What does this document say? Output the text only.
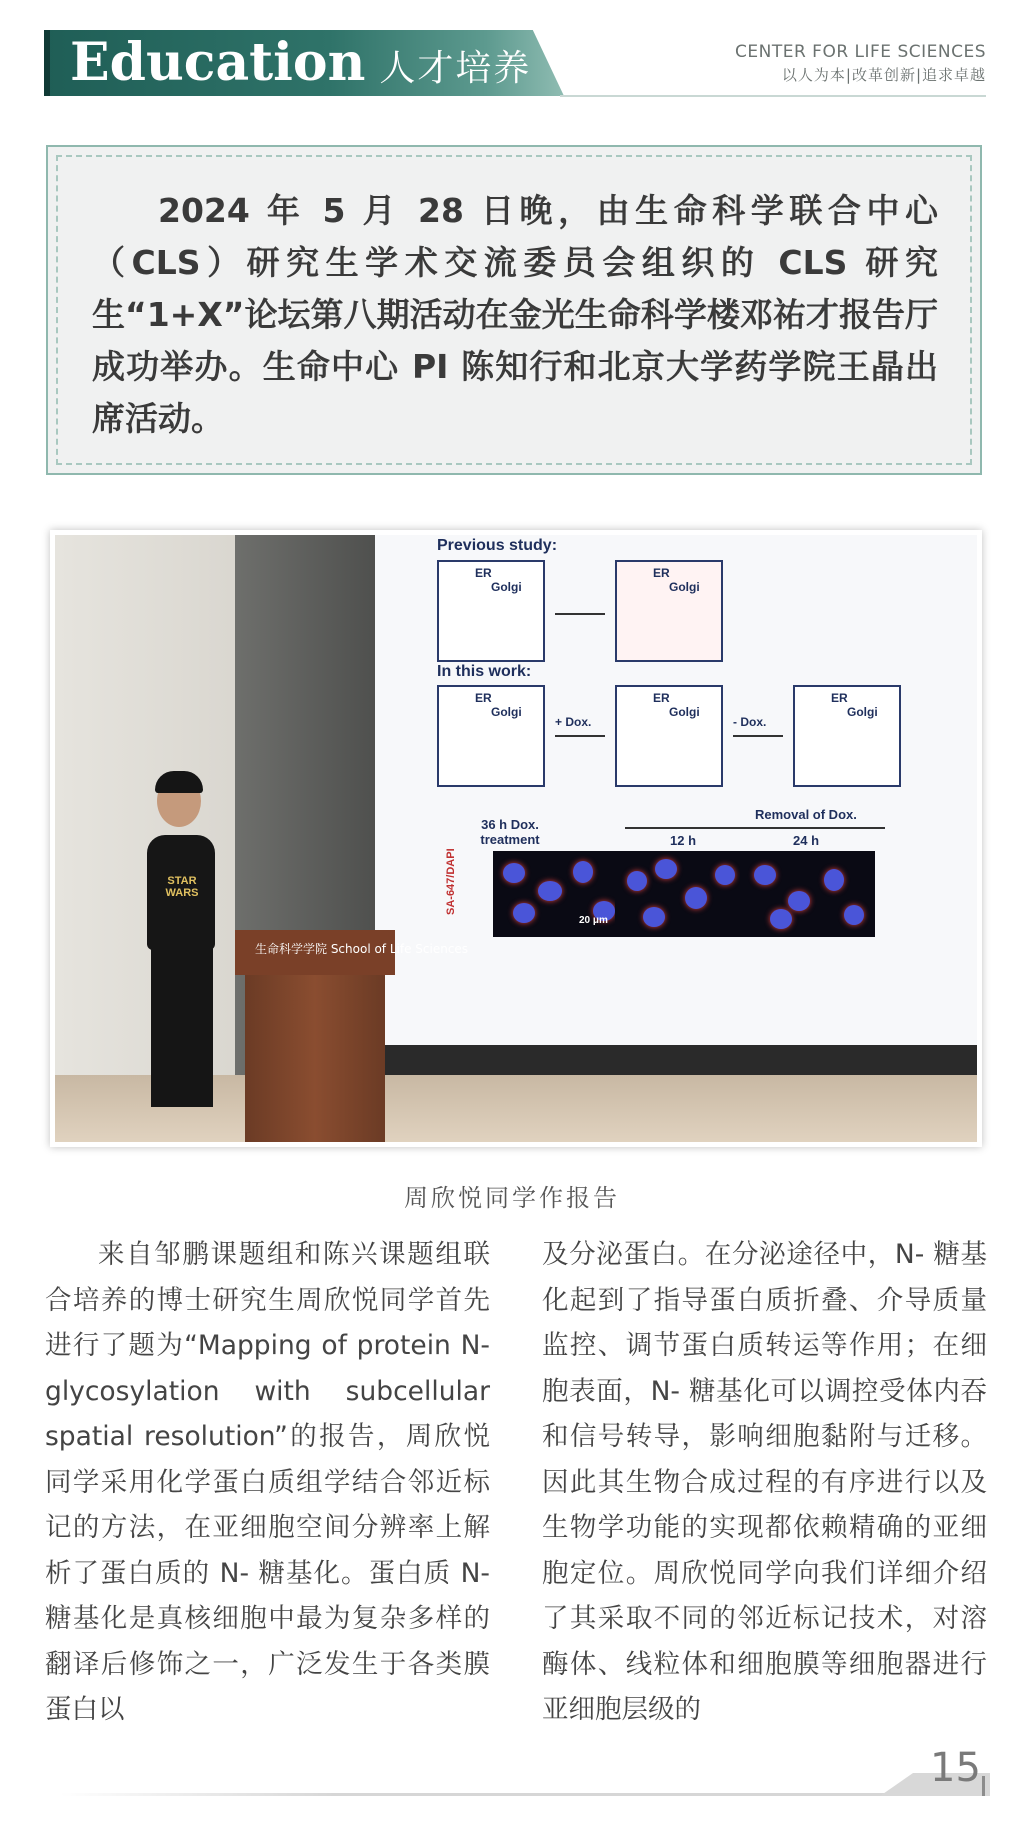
Education 人才培养	CENTER FOR LIFE SCIENCES
以人为本|改革创新|追求卓越

2024 年 5 月 28 日晚，由生命科学联合中心（CLS）研究生学术交流委员会组织的 CLS 研究生“1+X”论坛第八期活动在金光生命科学楼邓祐才报告厅成功举办。生命中心 PI 陈知行和北京大学药学院王晶出席活动。

Previous study:
ER
Golgi
ER
Golgi
In this work:
ER
Golgi
+ Dox.
ER
Golgi
- Dox.
ER
Golgi
36 h Dox. treatment
Removal of Dox.
12 h	24 h
SA-647/DAPI
20 μm
STAR WARS
生命科学学院 School of Life Sciences
周欣悦同学作报告

来自邹鹏课题组和陈兴课题组联合培养的博士研究生周欣悦同学首先进行了题为“Mapping of protein N-glycosylation with subcellular spatial resolution”的报告，周欣悦同学采用化学蛋白质组学结合邻近标记的方法，在亚细胞空间分辨率上解析了蛋白质的 N- 糖基化。蛋白质 N- 糖基化是真核细胞中最为复杂多样的翻译后修饰之一，广泛发生于各类膜蛋白以

及分泌蛋白。在分泌途径中，N- 糖基化起到了指导蛋白质折叠、介导质量监控、调节蛋白质转运等作用；在细胞表面，N- 糖基化可以调控受体内吞和信号转导，影响细胞黏附与迁移。因此其生物合成过程的有序进行以及生物学功能的实现都依赖精确的亚细胞定位。周欣悦同学向我们详细介绍了其采取不同的邻近标记技术，对溶酶体、线粒体和细胞膜等细胞器进行亚细胞层级的

15
